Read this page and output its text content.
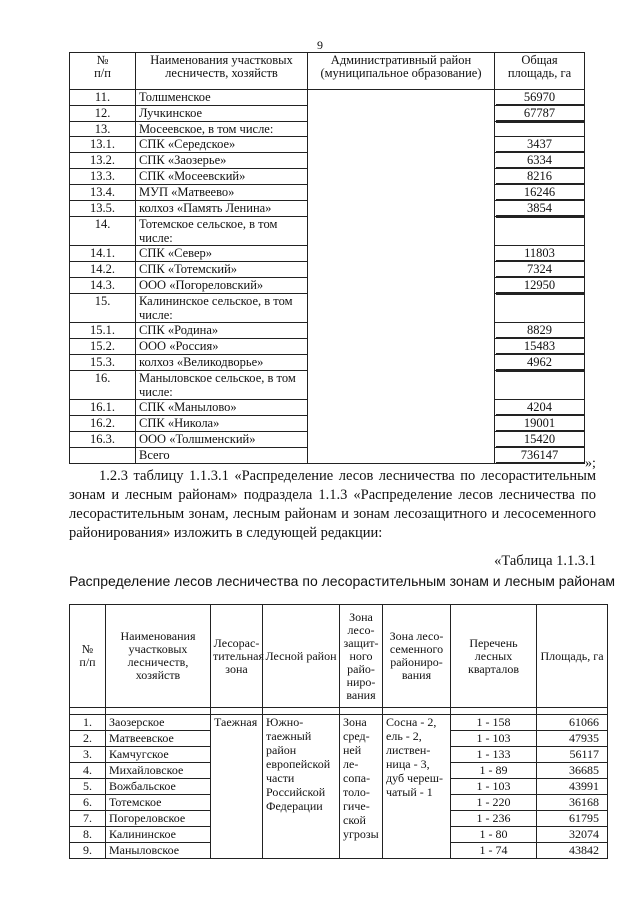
9
№
п/п	Наименования участковых лесничеств, хозяйств	Административный район (муниципальное образование)	Общая площадь, га
11.	Толшменское		56970

12.	Лучкинское		67787

13.	Мосеевское, в том числе:		

13.1.	СПК «Середское»		3437

13.2.	СПК «Заозерье»		6334

13.3.	СПК «Мосеевский»		8216

13.4.	МУП «Матвеево»		16246

13.5.	колхоз «Память Ленина»		3854

14.	Тотемское сельское, в том числе:		

14.1.	СПК «Север»		11803

14.2.	СПК «Тотемский»		7324

14.3.	ООО «Погореловский»		12950

15.	Калининское сельское, в том числе:		

15.1.	СПК «Родина»		8829

15.2.	ООО «Россия»		15483

15.3.	колхоз «Великодворье»		4962

16.	Маныловское сельское, в том числе:		

16.1.	СПК «Манылово»		4204

16.2.	СПК «Никола»		19001

16.3.	ООО «Толшменский»		15420

	Всего		736147
»;

1.2.3 таблицу 1.1.3.1 «Распределение лесов лесничества по лесорастительным зонам и лесным районам» подраздела 1.1.3 «Распределение лесов лесничества по лесорастительным зонам, лесным районам и зонам лесозащитного и лесосеменного районирования» изложить в следующей редакции:

«Таблица 1.1.3.1
Распределение лесов лесничества по лесорастительным зонам и лесным районам
№
п/п	Наименования участковых лесничеств, хозяйств	Лесорас-тительная зона	Лесной район	Зона лесо-защит-ного райо-ниро-вания	Зона лесо-семенного райониро-вания	Перечень лесных кварталов	Площадь, га

1.	Заозерское	Таежная	Южно-таежный район европейской части Российской Федерации	Зона сред-ней ле-сопа-толо-гиче-ской угрозы	Сосна - 2, ель - 2, листвен-ница - 3, дуб череш-чатый - 1	1 - 158	61066
2.	Матвеевское					1 - 103	47935
3.	Камчугское					1 - 133	56117
4.	Михайловское					1 - 89	36685
5.	Вожбальское					1 - 103	43991
6.	Тотемское					1 - 220	36168
7.	Погореловское					1 - 236	61795
8.	Калининское					1 - 80	32074
9.	Маныловское					1 - 74	43842
